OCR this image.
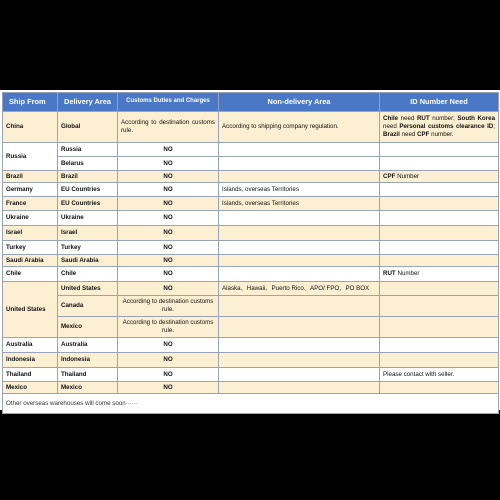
Ship From	Delivery Area	Customs Duties and Charges	Non-delivery Area	ID Number Need
China	Global	According to destination customs rule.	According to shipping company regulation.	Chile need RUT number; South Korea need Personal customs clearance ID; Brazil need CPF number.
Russia	Russia	NO		
	Belarus	NO		
Brazil	Brazil	NO		CPF Number
Germany	EU Countries	NO	Islands, overseas Territories	
France	EU Countries	NO	Islands, overseas Territories	
Ukraine	Ukraine	NO		
Israel	Israel	NO		
Turkey	Turkey	NO		
Saudi Arabia	Saudi Arabia	NO		
Chile	Chile	NO		RUT Number
United States	United States	NO	Alaska、Hawaii、Puerto Rico、APO/ FPO、PO BOX	
	Canada	According to destination customs rule.		
	Mexico	According to destination customs rule.		
Australia	Australia	NO		
Indonesia	Indonesia	NO		
Thailand	Thailand	NO		Please contact with seller.
Mexico	Mexico	NO		
Other overseas warehouses will come soon······				
